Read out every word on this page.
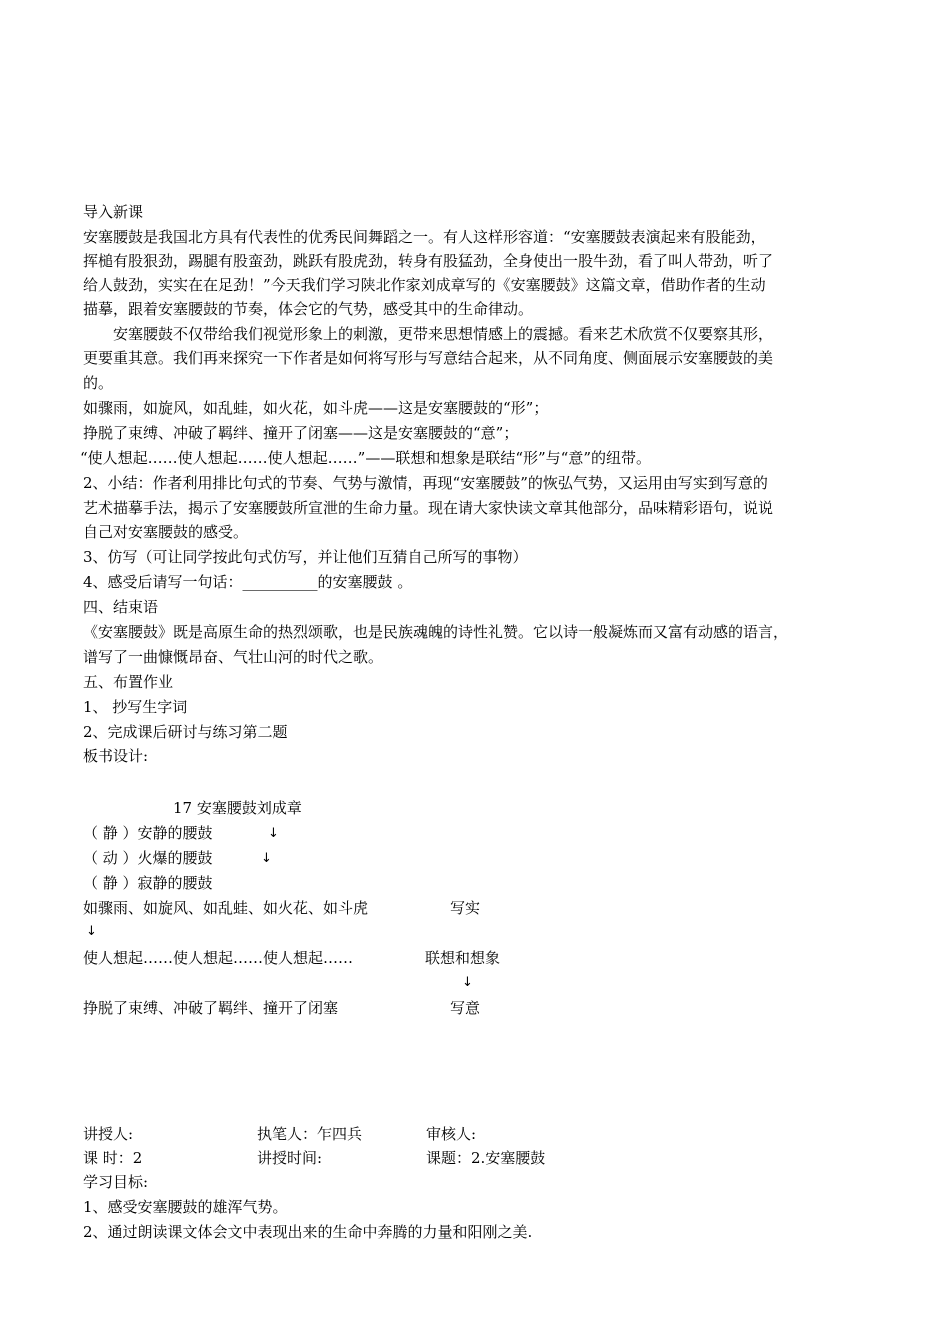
导入新课
安塞腰鼓是我国北方具有代表性的优秀民间舞蹈之一。有人这样形容道：“安塞腰鼓表演起来有股能劲，
挥槌有股狠劲，踢腿有股蛮劲，跳跃有股虎劲，转身有股猛劲，全身使出一股牛劲，看了叫人带劲，听了
给人鼓劲，实实在在足劲！”今天我们学习陕北作家刘成章写的《安塞腰鼓》这篇文章，借助作者的生动
描摹，跟着安塞腰鼓的节奏，体会它的气势，感受其中的生命律动。
安塞腰鼓不仅带给我们视觉形象上的刺激，更带来思想情感上的震撼。看来艺术欣赏不仅要察其形，
更要重其意。我们再来探究一下作者是如何将写形与写意结合起来，从不同角度、侧面展示安塞腰鼓的美
的。
如骤雨，如旋风，如乱蛙，如火花，如斗虎——这是安塞腰鼓的“形”；
挣脱了束缚、冲破了羁绊、撞开了闭塞——这是安塞腰鼓的“意”；
“使人想起……使人想起……使人想起……”——联想和想象是联结“形”与“意”的纽带。
2、小结：作者利用排比句式的节奏、气势与激情，再现“安塞腰鼓”的恢弘气势，又运用由写实到写意的
艺术描摹手法，揭示了安塞腰鼓所宣泄的生命力量。现在请大家快读文章其他部分，品味精彩语句，说说
自己对安塞腰鼓的感受。
3、仿写（可让同学按此句式仿写，并让他们互猜自己所写的事物）
4、感受后请写一句话：__________的安塞腰鼓 。
四、结束语
《安塞腰鼓》既是高原生命的热烈颂歌，也是民族魂魄的诗性礼赞。它以诗一般凝炼而又富有动感的语言，
谱写了一曲慷慨昂奋、气壮山河的时代之歌。
五、布置作业
1、 抄写生字词
2、完成课后研讨与练习第二题
板书设计:
17 安塞腰鼓刘成章
（ 静 ）安静的腰鼓	↓
（ 动 ）火爆的腰鼓	↓
（ 静 ）寂静的腰鼓
如骤雨、如旋风、如乱蛙、如火花、如斗虎	写实
↓
使人想起……使人想起……使人想起……	联想和想象
↓
挣脱了束缚、冲破了羁绊、撞开了闭塞	写意
讲授人:	执笔人：乍四兵	审核人:
课 时：2	讲授时间:	课题：2.安塞腰鼓
学习目标:
1、感受安塞腰鼓的雄浑气势。
2、通过朗读课文体会文中表现出来的生命中奔腾的力量和阳刚之美.
